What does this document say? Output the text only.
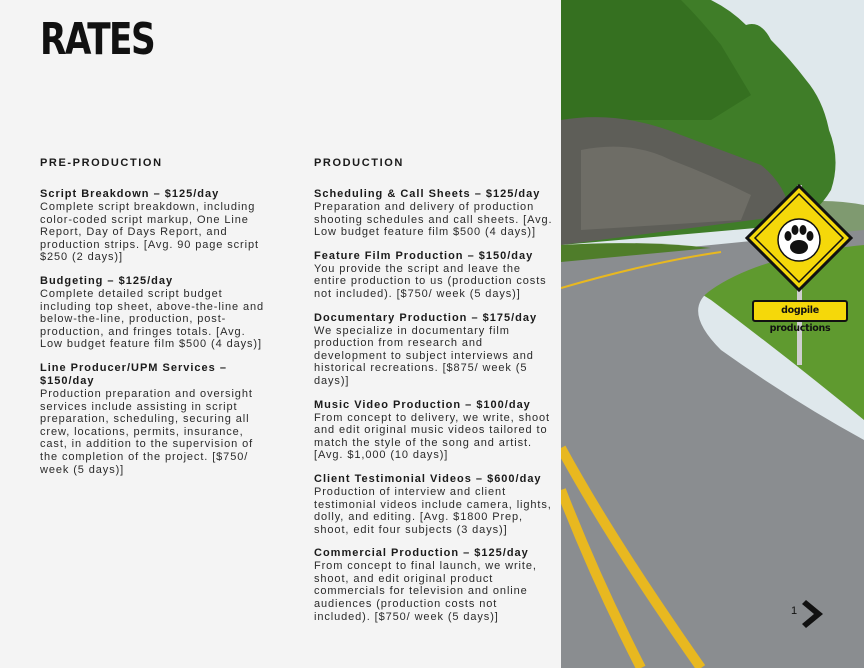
RATES
PRE-PRODUCTION
Script Breakdown – $125/day
Complete script breakdown, including color-coded script markup, One Line Report, Day of Days Report, and production strips. [Avg. 90 page script $250 (2 days)]
Budgeting – $125/day
Complete detailed script budget including top sheet, above-the-line and below-the-line, production, post-production, and fringes totals. [Avg. Low budget feature film $500 (4 days)]
Line Producer/UPM Services – $150/day
Production preparation and oversight services include assisting in script preparation, scheduling, securing all crew, locations, permits, insurance, cast, in addition to the supervision of the completion of the project. [$750/ week (5 days)]
PRODUCTION
Scheduling & Call Sheets – $125/day
Preparation and delivery of production shooting schedules and call sheets. [Avg. Low budget feature film $500 (4 days)]
Feature Film Production – $150/day
You provide the script and leave the entire production to us (production costs not included). [$750/ week (5 days)]
Documentary Production – $175/day
We specialize in documentary film production from research and development to subject interviews and historical recreations. [$875/ week (5 days)]
Music Video Production – $100/day
From concept to delivery, we write, shoot and edit original music videos tailored to match the style of the song and artist. [Avg. $1,000 (10 days)]
Client Testimonial Videos – $600/day
Production of interview and client testimonial videos include camera, lights, dolly, and editing. [Avg. $1800 Prep, shoot, edit four subjects (3 days)]
Commercial Production – $125/day
From concept to final launch, we write, shoot, and edit original product commercials for television and online audiences (production costs not included). [$750/ week (5 days)]
dogpile productions
1
